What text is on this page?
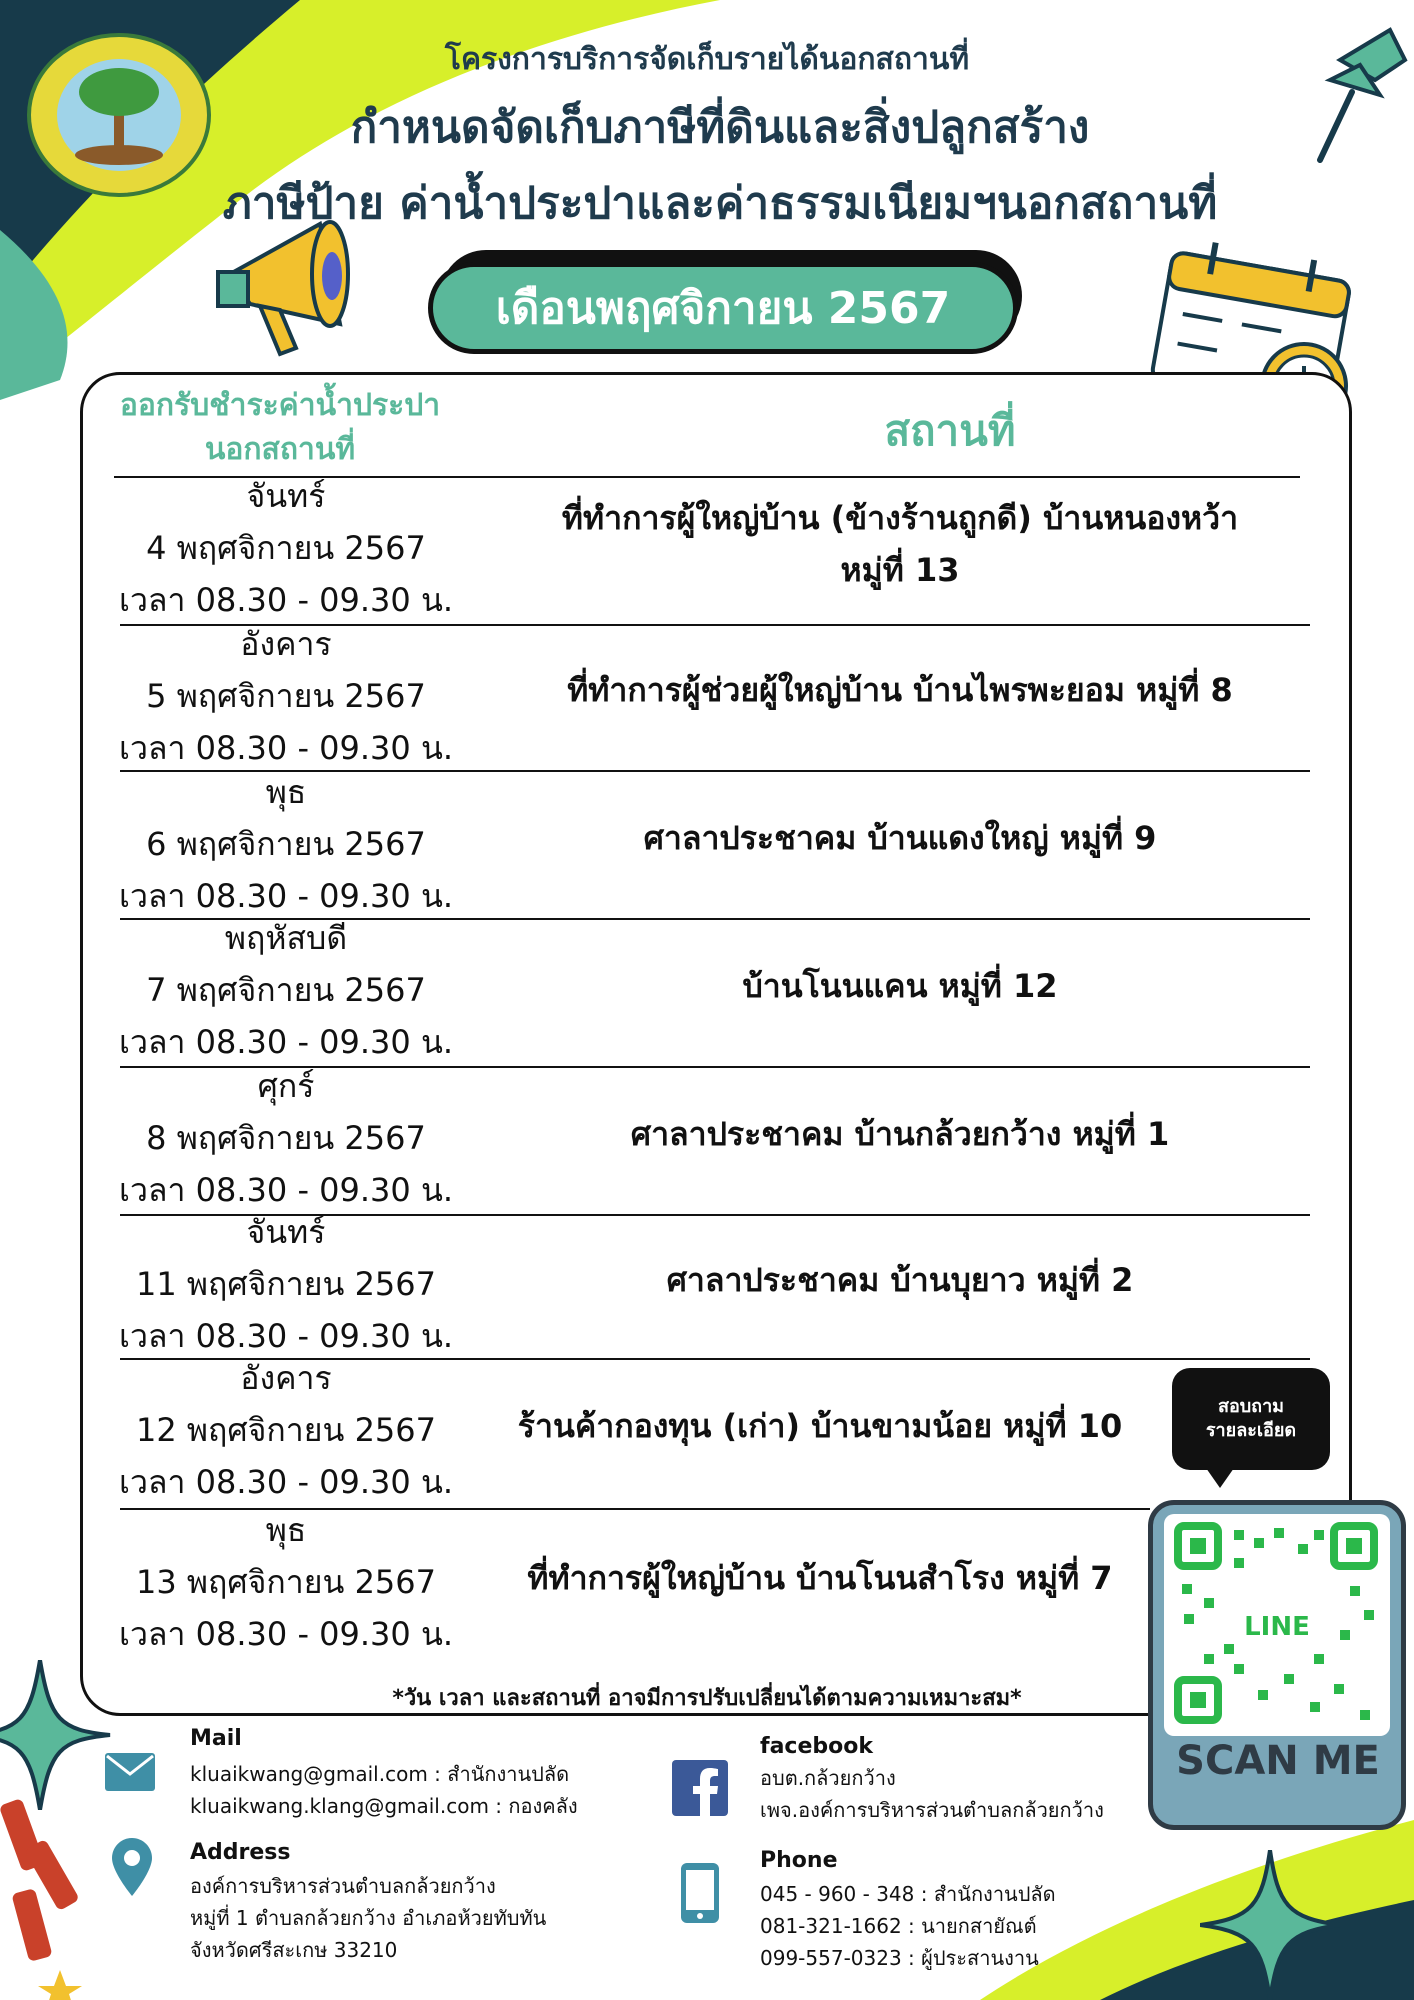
โครงการบริการจัดเก็บรายได้นอกสถานที่
กำหนดจัดเก็บภาษีที่ดินและสิ่งปลูกสร้าง
ภาษีป้าย ค่าน้ำประปาและค่าธรรมเนียมฯนอกสถานที่
เดือนพฤศจิกายน 2567
ออกรับชำระค่าน้ำประปา
นอกสถานที่	สถานที่
จันทร์
4 พฤศจิกายน 2567
เวลา 08.30 - 09.30 น.
ที่ทำการผู้ใหญ่บ้าน (ข้างร้านถูกดี) บ้านหนองหว้า
หมู่ที่ 13
อังคาร
5 พฤศจิกายน 2567
เวลา 08.30 - 09.30 น.
ที่ทำการผู้ช่วยผู้ใหญ่บ้าน บ้านไพรพะยอม หมู่ที่ 8
พุธ
6 พฤศจิกายน 2567
เวลา 08.30 - 09.30 น.
ศาลาประชาคม บ้านแดงใหญ่ หมู่ที่ 9
พฤหัสบดี
7 พฤศจิกายน 2567
เวลา 08.30 - 09.30 น.
บ้านโนนแคน หมู่ที่ 12
ศุกร์
8 พฤศจิกายน 2567
เวลา 08.30 - 09.30 น.
ศาลาประชาคม บ้านกล้วยกว้าง หมู่ที่ 1
จันทร์
11 พฤศจิกายน 2567
เวลา 08.30 - 09.30 น.
ศาลาประชาคม บ้านบุยาว หมู่ที่ 2
อังคาร
12 พฤศจิกายน 2567
เวลา 08.30 - 09.30 น.
ร้านค้ากองทุน (เก่า) บ้านขามน้อย หมู่ที่ 10
พุธ
13 พฤศจิกายน 2567
เวลา 08.30 - 09.30 น.
ที่ทำการผู้ใหญ่บ้าน บ้านโนนสำโรง หมู่ที่ 7
*วัน เวลา และสถานที่ อาจมีการปรับเปลี่ยนได้ตามความเหมาะสม*
Mail
kluaikwang@gmail.com : สำนักงานปลัด
kluaikwang.klang@gmail.com : กองคลัง
Address
องค์การบริหารส่วนตำบลกล้วยกว้าง
หมู่ที่ 1 ตำบลกล้วยกว้าง อำเภอห้วยทับทัน
จังหวัดศรีสะเกษ 33210
facebook
อบต.กล้วยกว้าง
เพจ.องค์การบริหารส่วนตำบลกล้วยกว้าง
Phone
045 - 960 - 348 : สำนักงานปลัด
081-321-1662 : นายกสายัณต์
099-557-0323 : ผู้ประสานงาน
สอบถาม
รายละเอียด
LINE
SCAN ME
